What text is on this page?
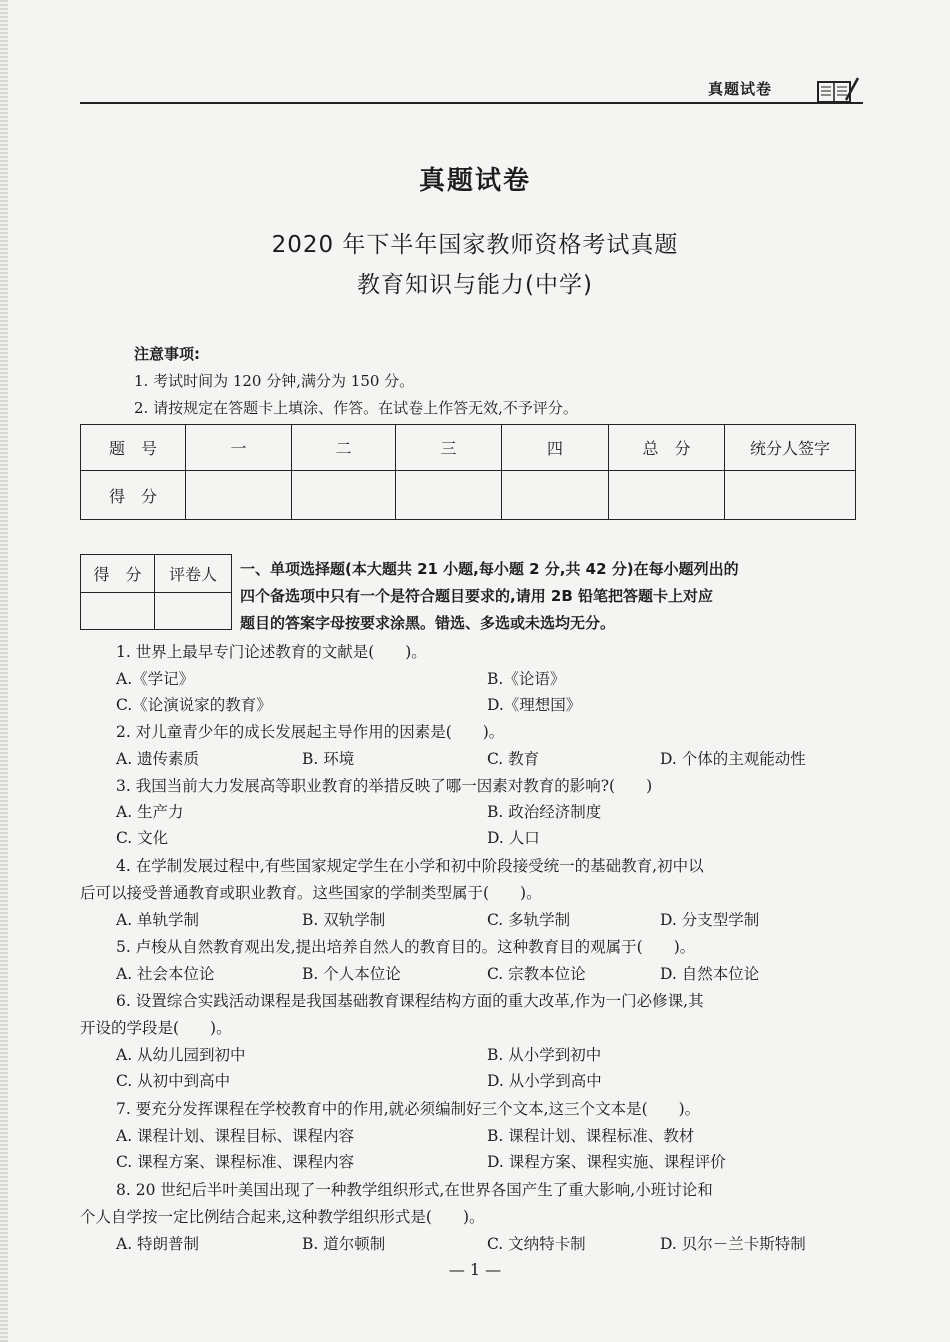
真题试卷
真题试卷
2020 年下半年国家教师资格考试真题
教育知识与能力(中学)
注意事项:
1. 考试时间为 120 分钟,满分为 150 分。
2. 请按规定在答题卡上填涂、作答。在试卷上作答无效,不予评分。
题　号	一	二	三	四	总　分	统分人签字
得　分						
得　分	评卷人
	一、单项选择题(本大题共 21 小题,每小题 2 分,共 42 分)在每小题列出的
四个备选项中只有一个是符合题目要求的,请用 2B 铅笔把答题卡上对应
题目的答案字母按要求涂黑。错选、多选或未选均无分。
1. 世界上最早专门论述教育的文献是(　　)。
A.《学记》	B.《论语》
C.《论演说家的教育》	D.《理想国》
2. 对儿童青少年的成长发展起主导作用的因素是(　　)。
A. 遗传素质	B. 环境	C. 教育	D. 个体的主观能动性
3. 我国当前大力发展高等职业教育的举措反映了哪一因素对教育的影响?(　　)
A. 生产力	B. 政治经济制度
C. 文化	D. 人口
4. 在学制发展过程中,有些国家规定学生在小学和初中阶段接受统一的基础教育,初中以
后可以接受普通教育或职业教育。这些国家的学制类型属于(　　)。
A. 单轨学制	B. 双轨学制	C. 多轨学制	D. 分支型学制
5. 卢梭从自然教育观出发,提出培养自然人的教育目的。这种教育目的观属于(　　)。
A. 社会本位论	B. 个人本位论	C. 宗教本位论	D. 自然本位论
6. 设置综合实践活动课程是我国基础教育课程结构方面的重大改革,作为一门必修课,其
开设的学段是(　　)。
A. 从幼儿园到初中	B. 从小学到初中
C. 从初中到高中	D. 从小学到高中
7. 要充分发挥课程在学校教育中的作用,就必须编制好三个文本,这三个文本是(　　)。
A. 课程计划、课程目标、课程内容	B. 课程计划、课程标准、教材
C. 课程方案、课程标准、课程内容	D. 课程方案、课程实施、课程评价
8. 20 世纪后半叶美国出现了一种教学组织形式,在世界各国产生了重大影响,小班讨论和
个人自学按一定比例结合起来,这种教学组织形式是(　　)。
A. 特朗普制	B. 道尔顿制	C. 文纳特卡制	D. 贝尔－兰卡斯特制
— 1 —
